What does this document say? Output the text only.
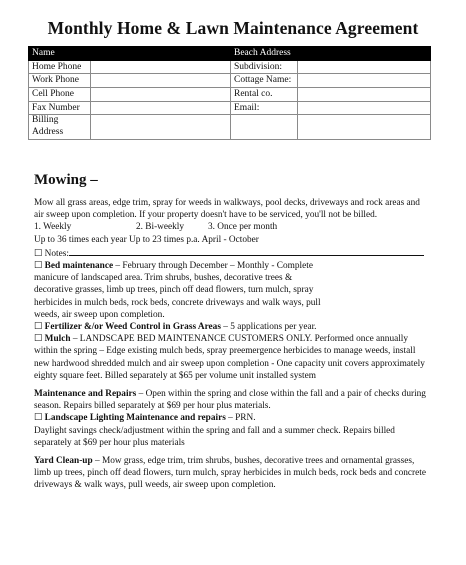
Monthly Home & Lawn Maintenance Agreement
Name		Beach Address	
Home Phone		Subdivision:	
Work Phone		Cottage Name:	
Cell Phone		Rental co.	
Fax Number		Email:	
Billing Address			
Mowing –

Mow all grass areas, edge trim, spray for weeds in walkways, pool decks, driveways and rock areas and air sweep upon completion. If your property doesn't have to be serviced, you'll not be billed.

1. Weekly	2. Bi-weekly	3. Once per month

Up to 36 times each year Up to 23 times p.a. April - October

☐ Notes:

☐ Bed maintenance – February through December – Monthly - Complete manicure of landscaped area. Trim shrubs, bushes, decorative trees & decorative grasses, limb up trees, pinch off dead flowers, turn mulch, spray herbicides in mulch beds, rock beds, concrete driveways and walk ways, pull weeds, air sweep upon completion.

☐ Fertilizer &/or Weed Control in Grass Areas – 5 applications per year.

☐ Mulch – LANDSCAPE BED MAINTENANCE CUSTOMERS ONLY. Performed once annually within the spring – Edge existing mulch beds, spray preemergence herbicides to manage weeds, install new hardwood shredded mulch and air sweep upon completion - One capacity unit covers approximately eighty square feet. Billed separately at $65 per volume unit installed system

Maintenance and Repairs – Open within the spring and close within the fall and a pair of checks during season. Repairs billed separately at $69 per hour plus materials.

☐ Landscape Lighting Maintenance and repairs – PRN.

Daylight savings check/adjustment within the spring and fall and a summer check. Repairs billed separately at $69 per hour plus materials

Yard Clean-up – Mow grass, edge trim, trim shrubs, bushes, decorative trees and ornamental grasses, limb up trees, pinch off dead flowers, turn mulch, spray herbicides in mulch beds, rock beds and concrete driveways & walk ways, pull weeds, air sweep upon completion.
